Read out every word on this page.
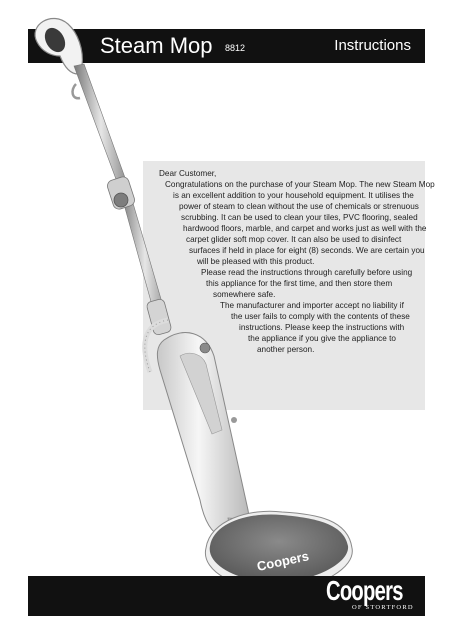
Steam Mop 8812	Instructions
Dear Customer,
Congratulations on the purchase of your Steam Mop. The new Steam Mop
is an excellent addition to your household equipment. It utilises the
power of steam to clean without the use of chemicals or strenuous
scrubbing. It can be used to clean your tiles, PVC flooring, sealed
hardwood floors, marble, and carpet and works just as well with the
carpet glider soft mop cover. It can also be used to disinfect
surfaces if held in place for eight (8) seconds. We are certain you
will be pleased with this product.
Please read the instructions through carefully before using
this appliance for the first time, and then store them
somewhere safe.
The manufacturer and importer accept no liability if
the user fails to comply with the contents of these
instructions. Please keep the instructions with
the appliance if you give the appliance to
another person.
Coopers
Coopers
OF STORTFORD
